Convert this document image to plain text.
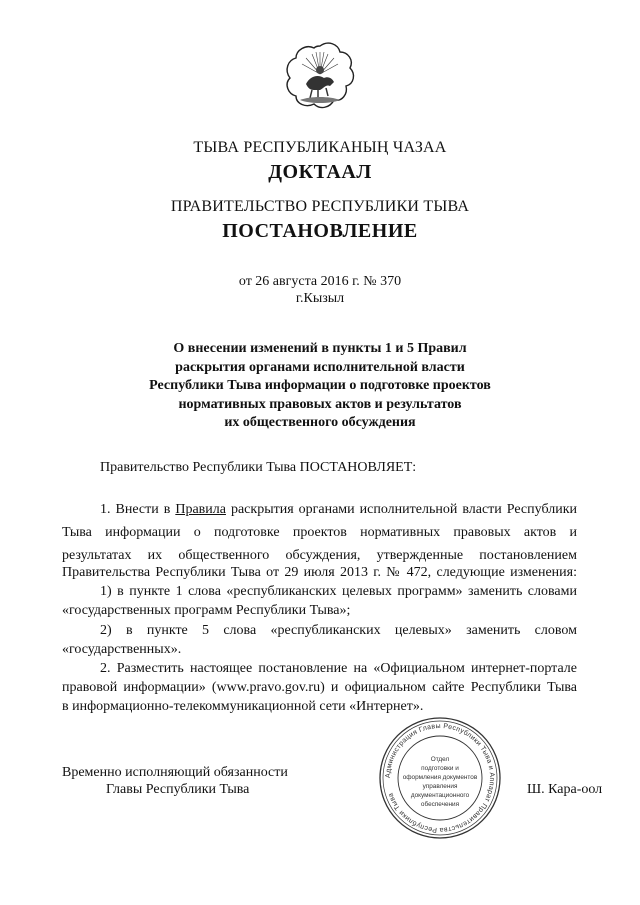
ТЫВА РЕСПУБЛИКАНЫҢ ЧАЗАА
ДОКТААЛ
ПРАВИТЕЛЬСТВО РЕСПУБЛИКИ ТЫВА
ПОСТАНОВЛЕНИЕ
от 26 августа 2016 г. № 370
г.Кызыл
О внесении изменений в пункты 1 и 5 Правил
раскрытия органами исполнительной власти
Республики Тыва информации о подготовке проектов
нормативных правовых актов и результатов
их общественного обсуждения
Правительство Республики Тыва ПОСТАНОВЛЯЕТ:
1. Внести в Правила раскрытия органами исполнительной власти Республики
Тыва информации о подготовке проектов нормативных правовых актов и
результатах их общественного обсуждения, утвержденные постановлением
Правительства Республики Тыва от 29 июля 2013 г. № 472, следующие изменения:
1) в пункте 1 слова «республиканских целевых программ» заменить словами
«государственных программ Республики Тыва»;
2) в пункте 5 слова «республиканских целевых» заменить словом
«государственных».
2. Разместить настоящее постановление на «Официальном интернет-портале
правовой информации» (www.pravo.gov.ru) и официальном сайте Республики Тыва
в информационно-телекоммуникационной сети «Интернет».
Администрация Главы Республики Тыва и Аппарат Правительства Республики Тыва
Отдел
подготовки и
оформления документов
управления
документационного
обеспечения
Временно исполняющий обязанности
Главы Республики Тыва	Ш. Кара-оол
